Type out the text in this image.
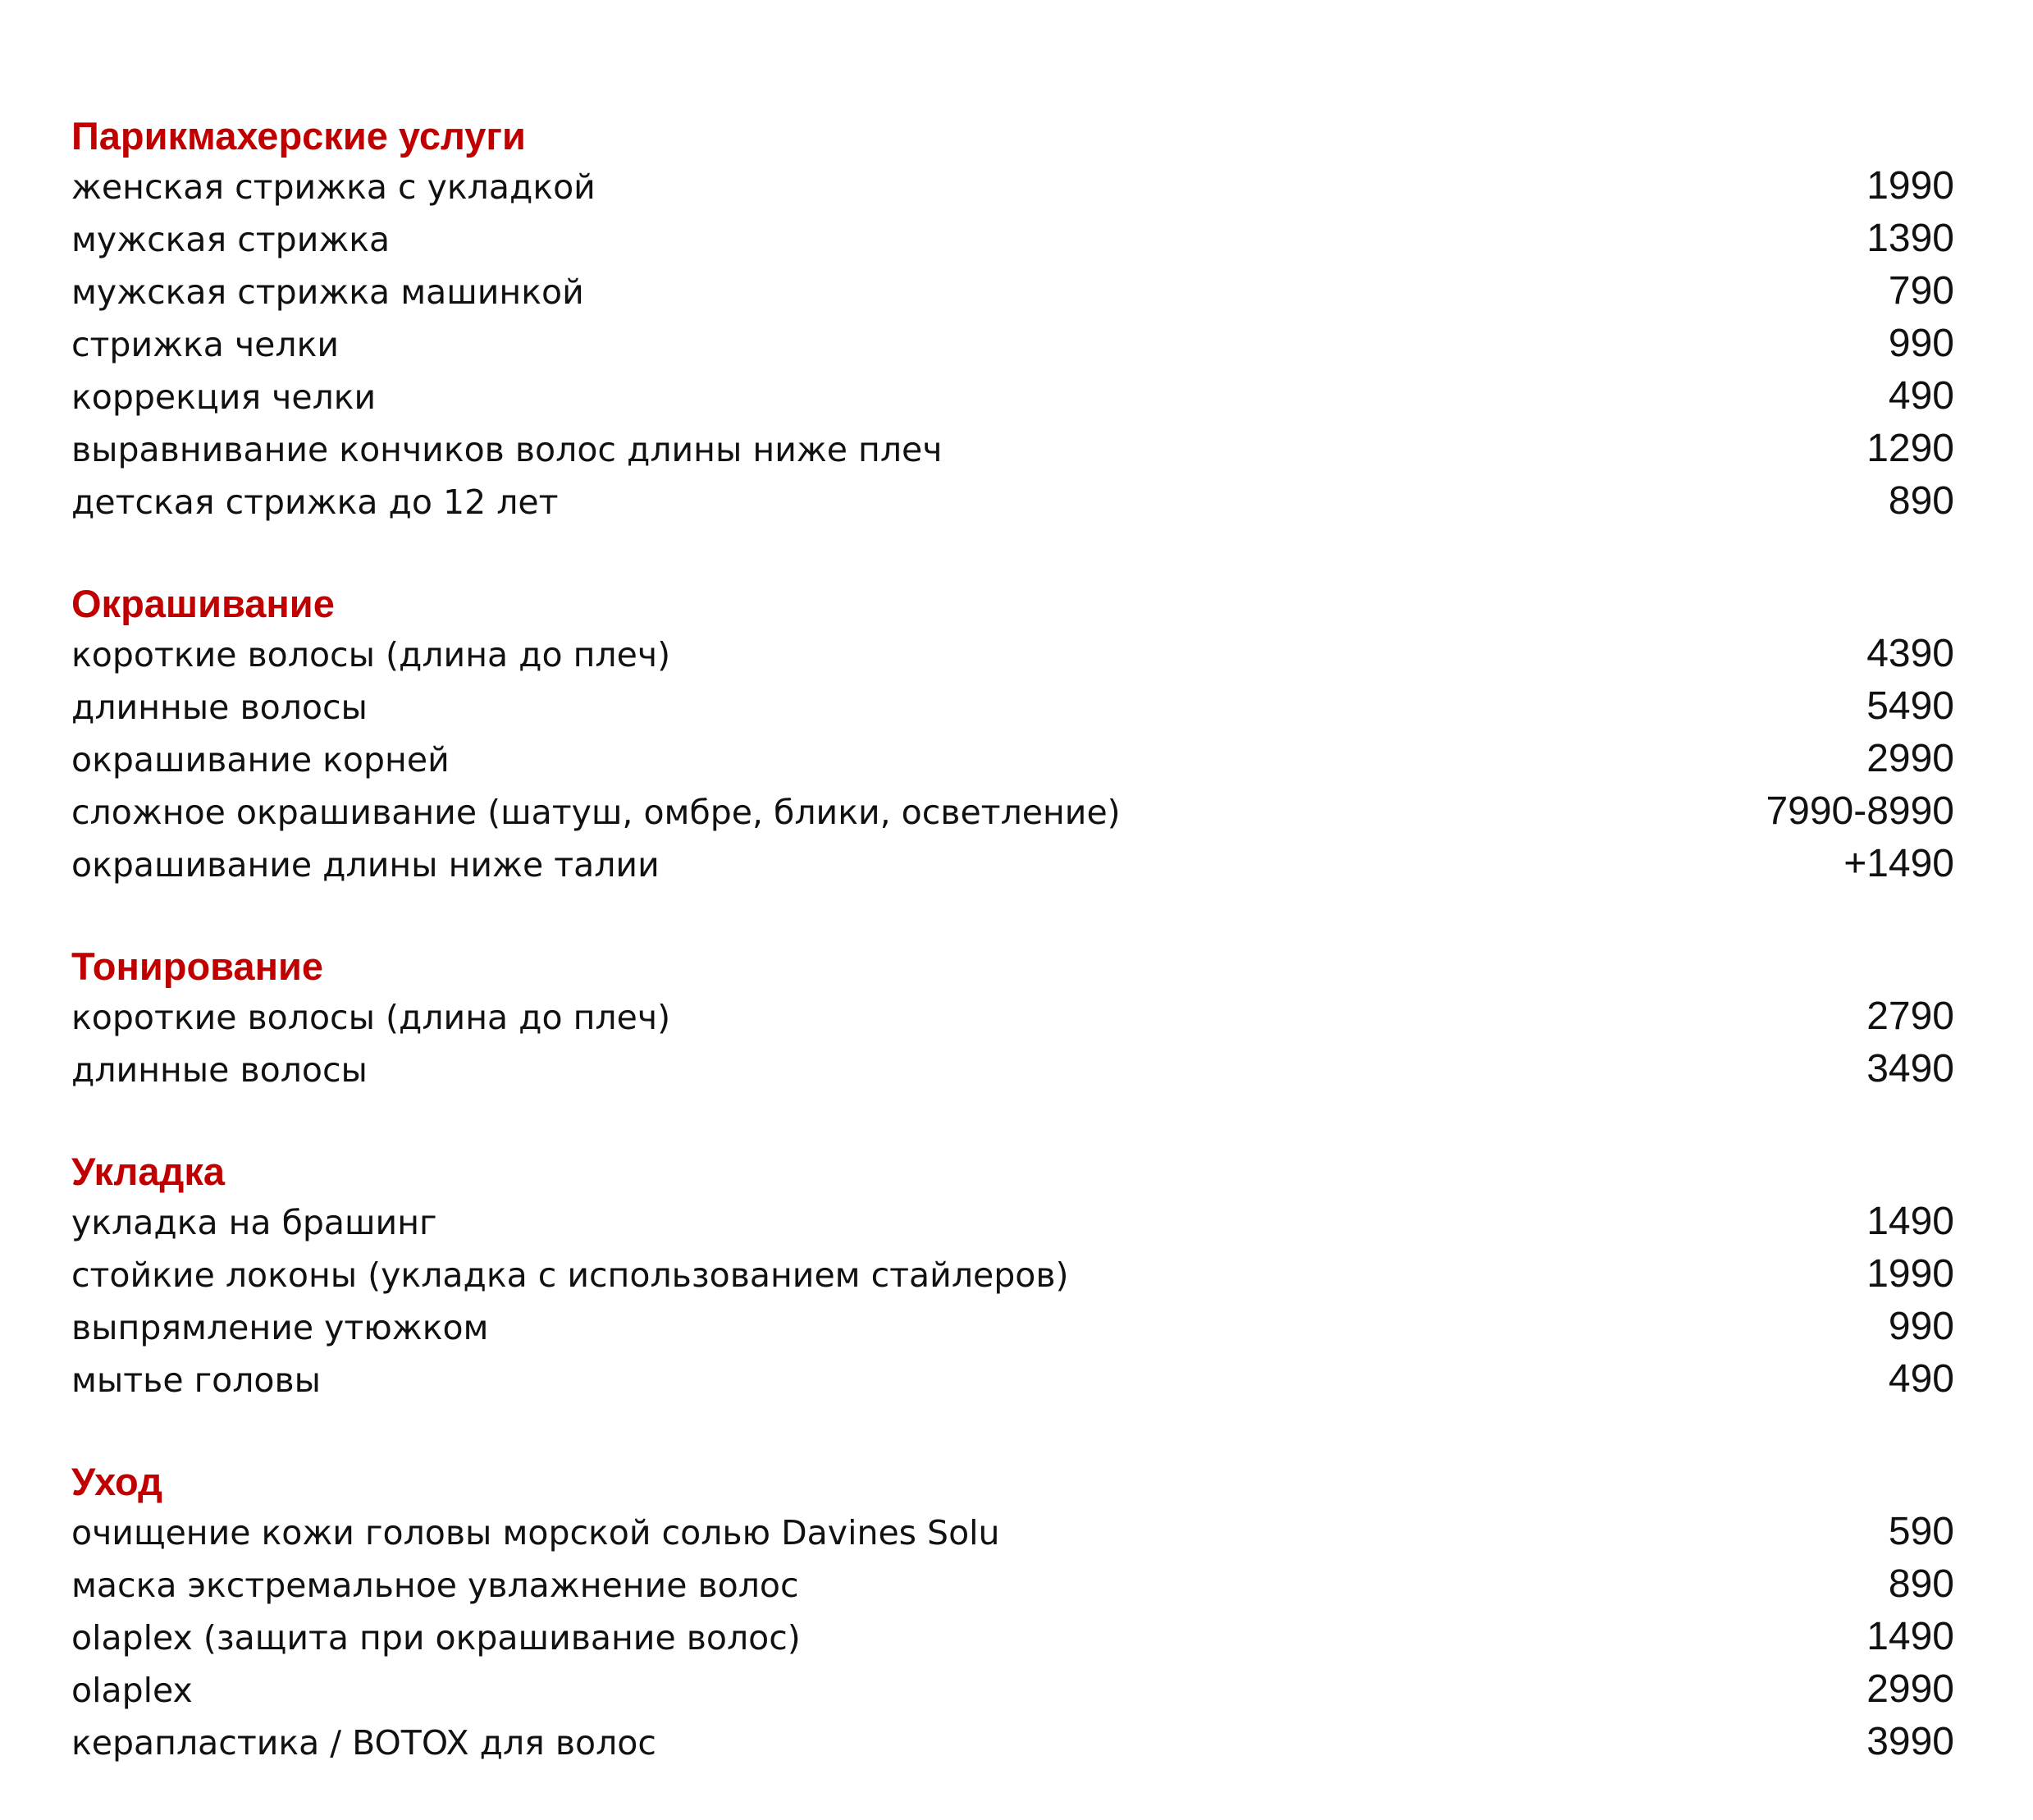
Парикмахерские услуги
женская стрижка с укладкой	1990
мужская стрижка	1390
мужская стрижка машинкой	790
стрижка челки	990
коррекция челки	490
выравнивание кончиков волос длины ниже плеч	1290
детская стрижка до 12 лет	890
Окрашивание
короткие волосы (длина до плеч)	4390
длинные волосы	5490
окрашивание корней	2990
сложное окрашивание (шатуш, омбре, блики, осветление)	7990-8990
окрашивание длины ниже талии	+1490
Тонирование
короткие волосы (длина до плеч)	2790
длинные волосы	3490
Укладка
укладка на брашинг	1490
стойкие локоны (укладка с использованием стайлеров)	1990
выпрямление утюжком	990
мытье головы	490
Уход
очищение кожи головы морской солью Davines Solu	590
маска экстремальное увлажнение волос	890
olaplex (защита при окрашивание волос)	1490
olaplex	2990
керапластика / BOTOX для волос	3990
